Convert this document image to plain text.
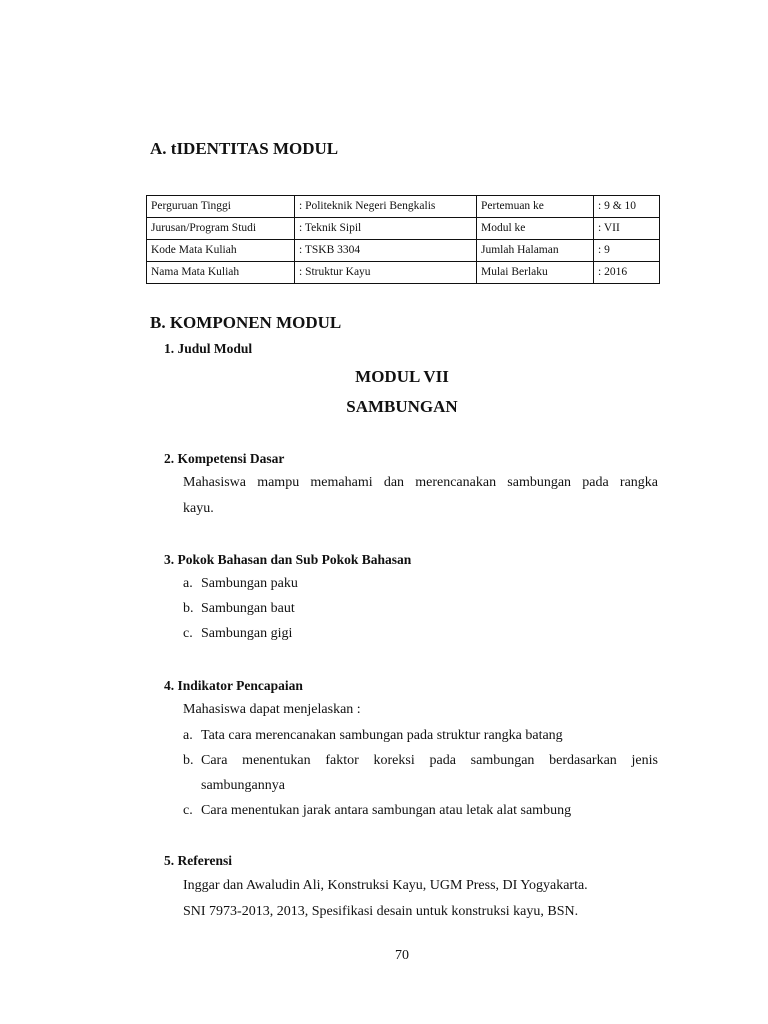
A. tIDENTITAS MODUL
Perguruan Tinggi	: Politeknik Negeri Bengkalis	Pertemuan ke	: 9 & 10
Jurusan/Program Studi	: Teknik Sipil	Modul ke	: VII
Kode Mata Kuliah	: TSKB 3304	Jumlah Halaman	: 9
Nama Mata Kuliah	: Struktur Kayu	Mulai Berlaku	: 2016
B. KOMPONEN MODUL
1. Judul Modul
MODUL VII
SAMBUNGAN
2. Kompetensi Dasar
Mahasiswa mampu memahami dan merencanakan sambungan pada rangka
kayu.
3. Pokok Bahasan dan Sub Pokok Bahasan
a. Sambungan paku
b. Sambungan baut
c. Sambungan gigi
4. Indikator Pencapaian
Mahasiswa dapat menjelaskan :
a. Tata cara merencanakan sambungan pada struktur rangka batang
b. Cara menentukan faktor koreksi pada sambungan berdasarkan jenis
sambungannya
c. Cara menentukan jarak antara sambungan atau letak alat sambung
5. Referensi
Inggar dan Awaludin Ali, Konstruksi Kayu, UGM Press, DI Yogyakarta.
SNI 7973-2013, 2013, Spesifikasi desain untuk konstruksi kayu, BSN.
70
